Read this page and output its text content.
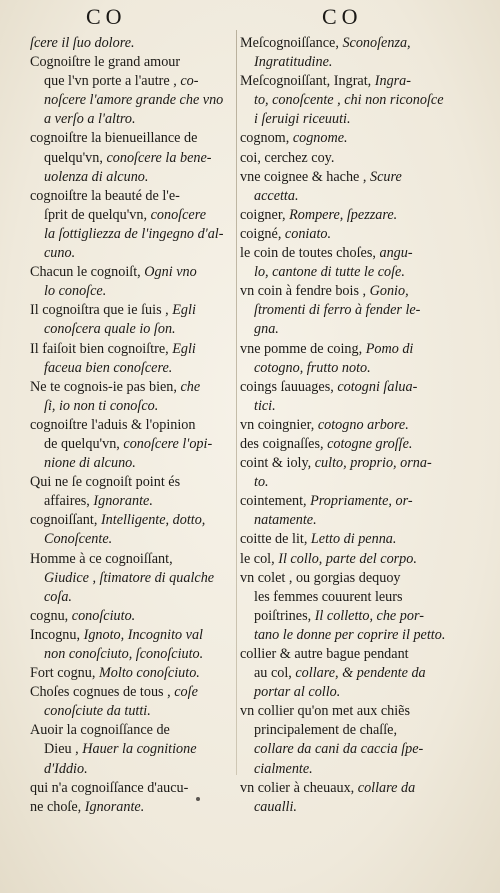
CO	CO
ſcere il ſuo dolore.
Cognoiſtre le grand amour
que l'vn porte a l'autre , co-
noſcere l'amore grande che vno
a verſo a l'altro.
cognoiſtre la bienueillance de
quelqu'vn, conoſcere la bene-
uolenza di alcuno.
cognoiſtre la beauté de l'e-
ſprit de quelqu'vn, conoſcere
la ſottigliezza de l'ingegno d'al-
cuno.
Chacun le cognoiſt, Ogni vno
lo conoſce.
Il cognoiſtra que ie ſuis , Egli
conoſcera quale io ſon.
Il faiſoit bien cognoiſtre, Egli
faceua bien conoſcere.
Ne te cognois-ie pas bien, che
ſi, io non ti conoſco.
cognoiſtre l'aduis & l'opinion
de quelqu'vn, conoſcere l'opi-
nione di alcuno.
Qui ne ſe cognoiſt point és
affaires, Ignorante.
cognoiſſant, Intelligente, dotto,
Conoſcente.
Homme à ce cognoiſſant,
Giudice , ſtimatore di qualche
coſa.
cognu, conoſciuto.
Incognu, Ignoto, Incognito val
non conoſciuto, ſconoſciuto.
Fort cognu, Molto conoſciuto.
Choſes cognues de tous , coſe
conoſciute da tutti.
Auoir la cognoiſſance de
Dieu , Hauer la cognitione
d'Iddio.
qui n'a cognoiſſance d'aucu-
ne choſe, Ignorante.
Meſcognoiſſance, Sconoſenza,
Ingratitudine.
Meſcognoiſſant, Ingrat, Ingra-
to, conoſcente , chi non riconoſce
i ſeruigi riceuuti.
cognom, cognome.
coi, cerchez coy.
vne coignee & hache , Scure
accetta.
coigner, Rompere, ſpezzare.
coigné, coniato.
le coin de toutes choſes, angu-
lo, cantone di tutte le coſe.
vn coin à fendre bois , Gonio,
ſtromenti di ferro à fender le-
gna.
vne pomme de coing, Pomo di
cotogno, frutto noto.
coings ſauuages, cotogni ſalua-
tici.
vn coingnier, cotogno arbore.
des coignaſſes, cotogne groſſe.
coint & ioly, culto, proprio, orna-
to.
cointement, Propriamente, or-
natamente.
coitte de lit, Letto di penna.
le col, Il collo, parte del corpo.
vn colet , ou gorgias dequoy
les femmes couurent leurs
poiſtrines, Il colletto, che por-
tano le donne per coprire il petto.
collier & autre bague pendant
au col, collare, & pendente da
portar al collo.
vn collier qu'on met aux chiẽs
principalement de chaſſe,
collare da cani da caccia ſpe-
cialmente.
vn colier à cheuaux, collare da
caualli.
